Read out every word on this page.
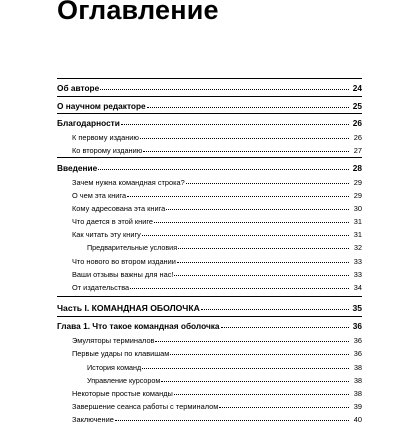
Оглавление
Об авторе	24
О научном редакторе	25
Благодарности	26
К первому изданию	26
Ко второму изданию	27
Введение	28
Зачем нужна командная строка?	29
О чем эта книга	29
Кому адресована эта книга	30
Что дается в этой книге	31
Как читать эту книгу	31
Предварительные условия	32
Что нового во втором издании	33
Ваши отзывы важны для нас!	33
От издательства	34
Часть I. КОМАНДНАЯ ОБОЛОЧКА	35
Глава 1. Что такое командная оболочка	36
Эмуляторы терминалов	36
Первые удары по клавишам	36
История команд	38
Управление курсором	38
Некоторые простые команды	38
Завершение сеанса работы с терминалом	39
Заключение	40
